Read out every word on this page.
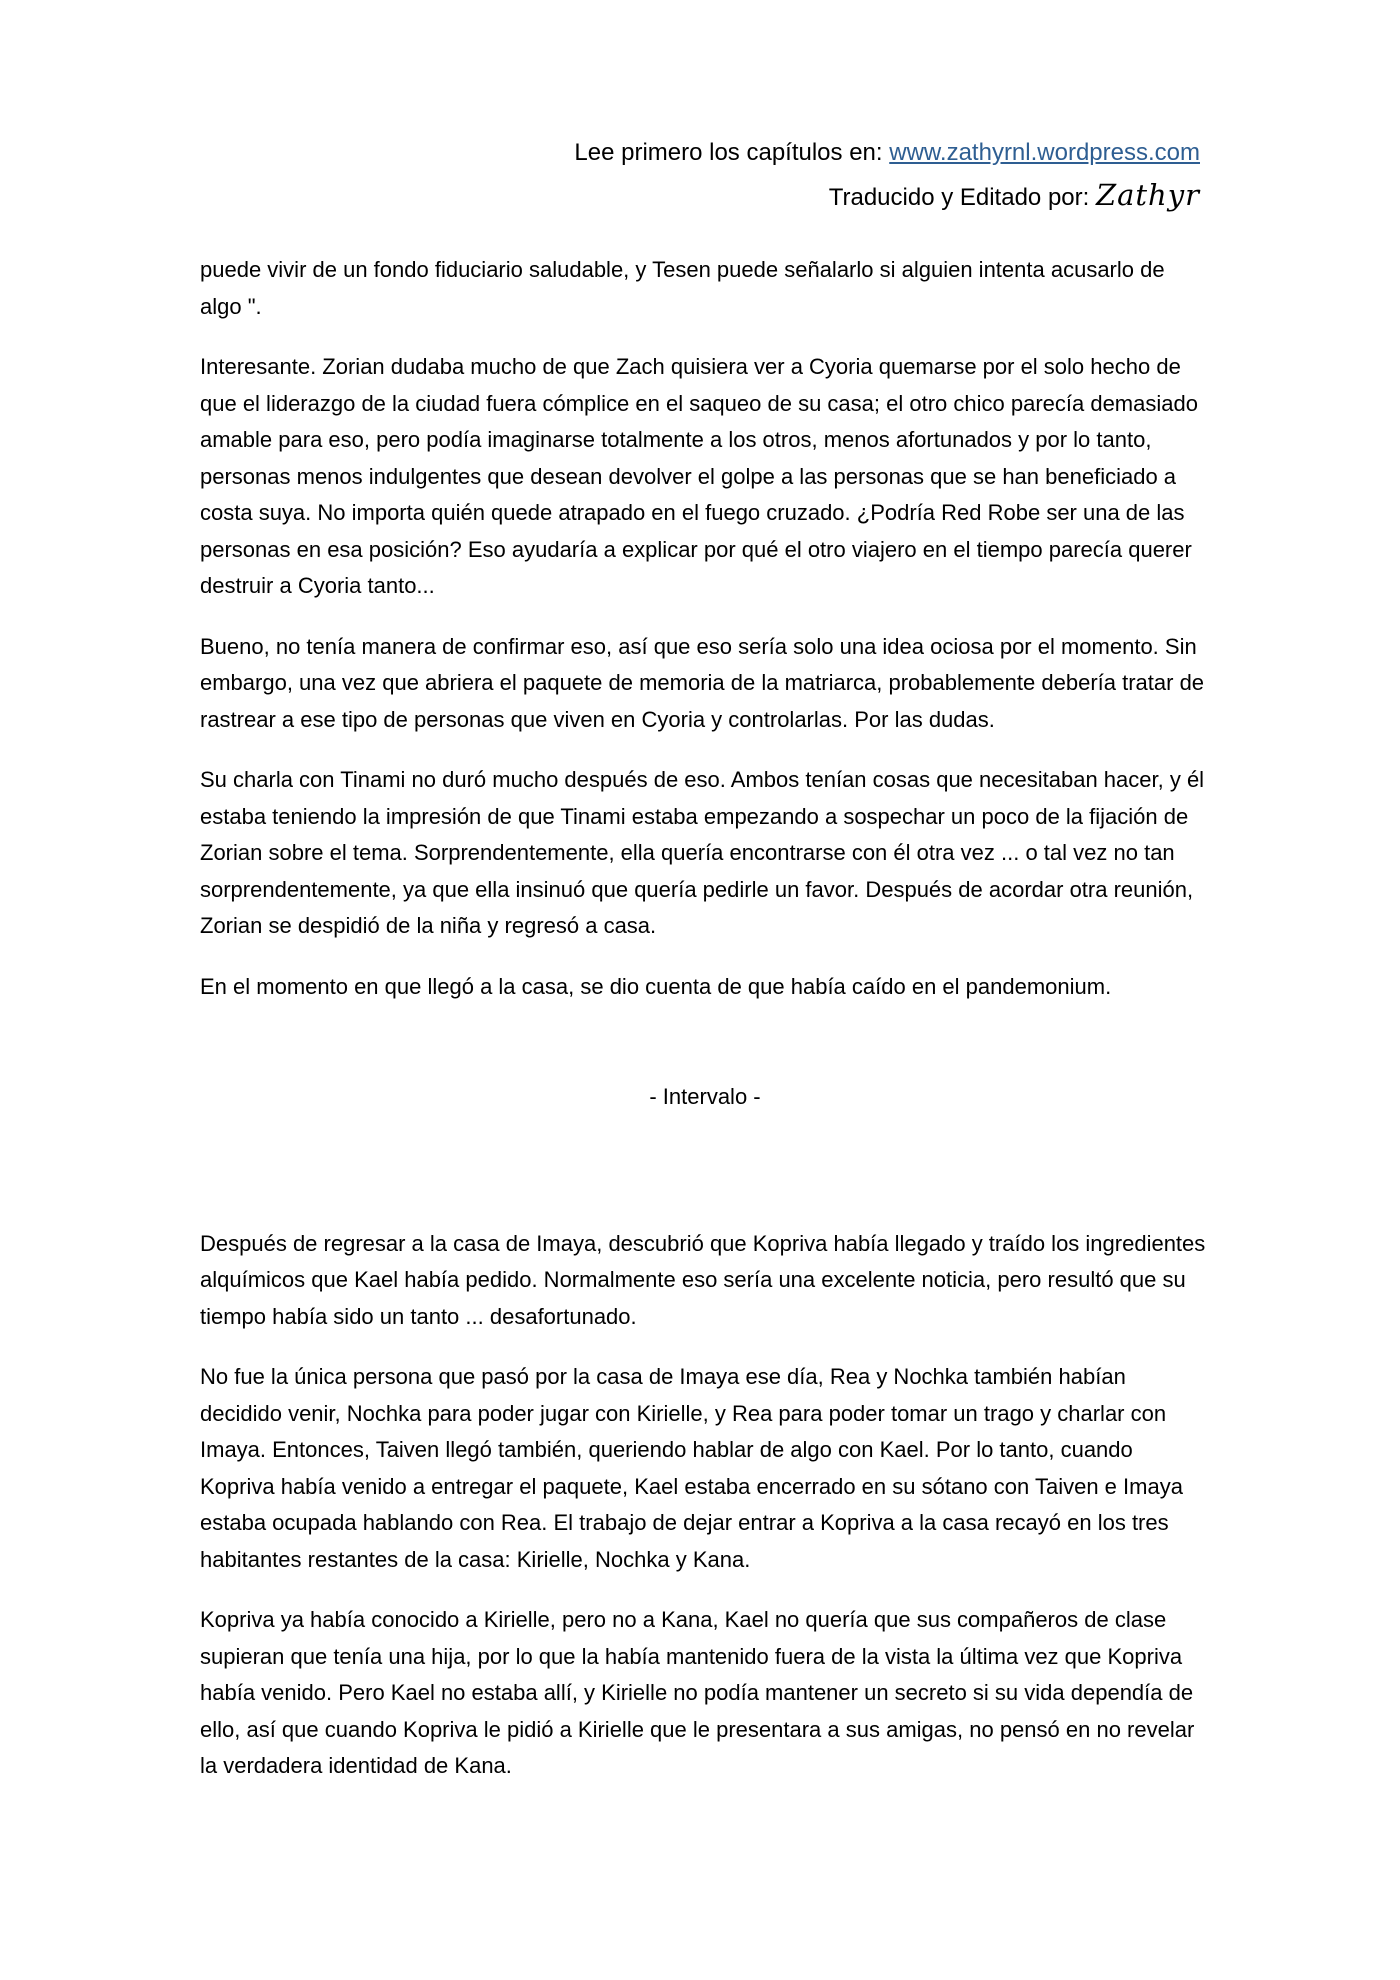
Lee primero los capítulos en: www.zathyrnl.wordpress.com
Traducido y Editado por: Zathyr

puede vivir de un fondo fiduciario saludable, y Tesen puede señalarlo si alguien intenta acusarlo de algo ".

Interesante. Zorian dudaba mucho de que Zach quisiera ver a Cyoria quemarse por el solo hecho de que el liderazgo de la ciudad fuera cómplice en el saqueo de su casa; el otro chico parecía demasiado amable para eso, pero podía imaginarse totalmente a los otros, menos afortunados y por lo tanto, personas menos indulgentes que desean devolver el golpe a las personas que se han beneficiado a costa suya. No importa quién quede atrapado en el fuego cruzado. ¿Podría Red Robe ser una de las personas en esa posición? Eso ayudaría a explicar por qué el otro viajero en el tiempo parecía querer destruir a Cyoria tanto...

Bueno, no tenía manera de confirmar eso, así que eso sería solo una idea ociosa por el momento. Sin embargo, una vez que abriera el paquete de memoria de la matriarca, probablemente debería tratar de rastrear a ese tipo de personas que viven en Cyoria y controlarlas. Por las dudas.

Su charla con Tinami no duró mucho después de eso. Ambos tenían cosas que necesitaban hacer, y él estaba teniendo la impresión de que Tinami estaba empezando a sospechar un poco de la fijación de Zorian sobre el tema. Sorprendentemente, ella quería encontrarse con él otra vez ... o tal vez no tan sorprendentemente, ya que ella insinuó que quería pedirle un favor. Después de acordar otra reunión, Zorian se despidió de la niña y regresó a casa.

En el momento en que llegó a la casa, se dio cuenta de que había caído en el pandemonium.

- Intervalo -

Después de regresar a la casa de Imaya, descubrió que Kopriva había llegado y traído los ingredientes alquímicos que Kael había pedido. Normalmente eso sería una excelente noticia, pero resultó que su tiempo había sido un tanto ... desafortunado.

No fue la única persona que pasó por la casa de Imaya ese día, Rea y Nochka también habían decidido venir, Nochka para poder jugar con Kirielle, y Rea para poder tomar un trago y charlar con Imaya. Entonces, Taiven llegó también, queriendo hablar de algo con Kael. Por lo tanto, cuando Kopriva había venido a entregar el paquete, Kael estaba encerrado en su sótano con Taiven e Imaya estaba ocupada hablando con Rea. El trabajo de dejar entrar a Kopriva a la casa recayó en los tres habitantes restantes de la casa: Kirielle, Nochka y Kana.

Kopriva ya había conocido a Kirielle, pero no a Kana, Kael no quería que sus compañeros de clase supieran que tenía una hija, por lo que la había mantenido fuera de la vista la última vez que Kopriva había venido. Pero Kael no estaba allí, y Kirielle no podía mantener un secreto si su vida dependía de ello, así que cuando Kopriva le pidió a Kirielle que le presentara a sus amigas, no pensó en no revelar la verdadera identidad de Kana.
